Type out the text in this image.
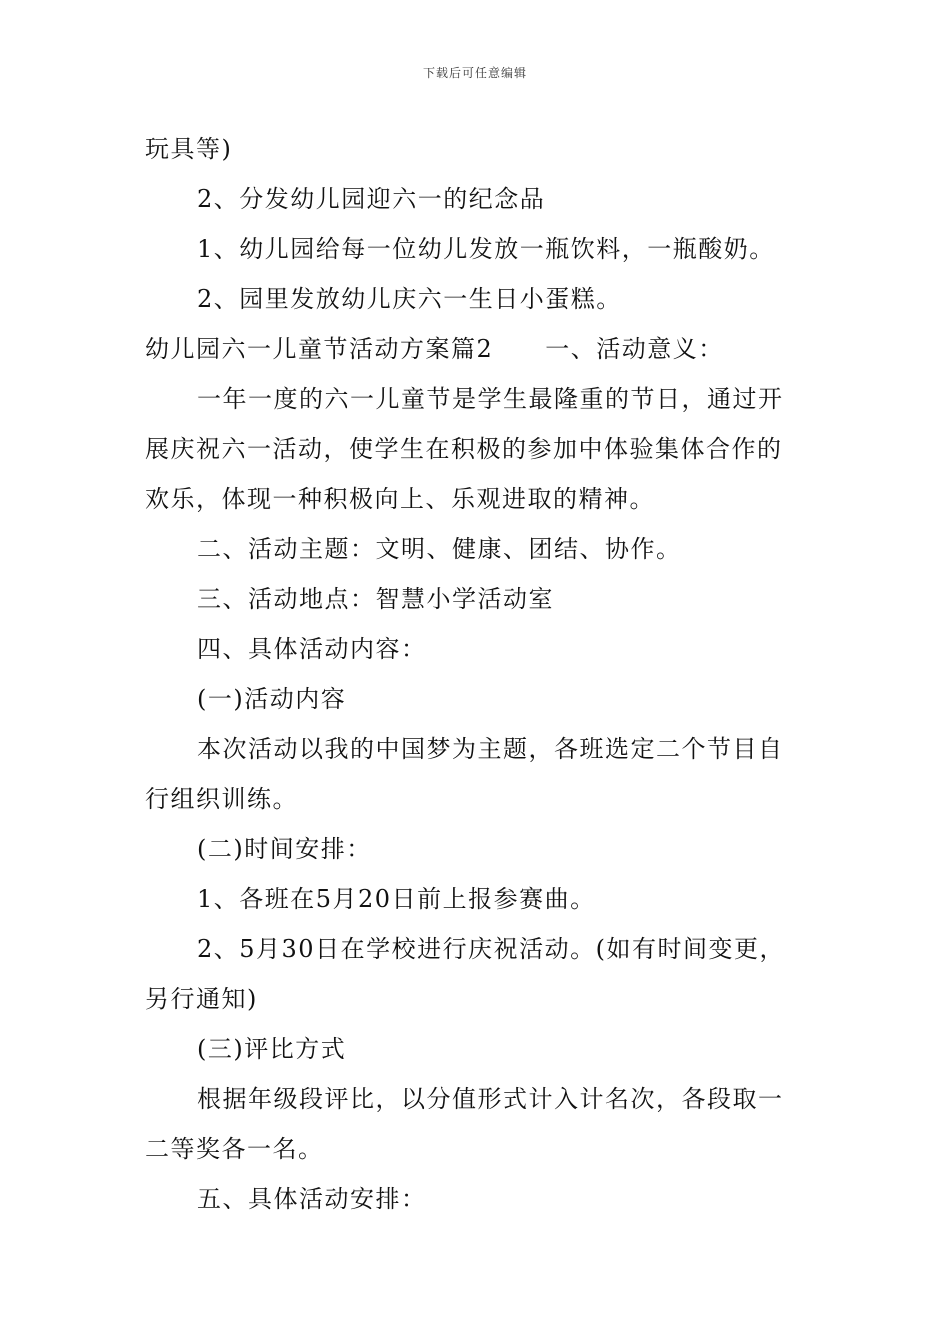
下载后可任意编辑
玩具等)
2、分发幼儿园迎六一的纪念品
1、幼儿园给每一位幼儿发放一瓶饮料，一瓶酸奶。
2、园里发放幼儿庆六一生日小蛋糕。
幼儿园六一儿童节活动方案篇2 一、活动意义：
一年一度的六一儿童节是学生最隆重的节日，通过开
展庆祝六一活动，使学生在积极的参加中体验集体合作的
欢乐，体现一种积极向上、乐观进取的精神。
二、活动主题：文明、健康、团结、协作。
三、活动地点：智慧小学活动室
四、具体活动内容：
(一)活动内容
本次活动以我的中国梦为主题，各班选定二个节目自
行组织训练。
(二)时间安排：
1、各班在5月20日前上报参赛曲。
2、5月30日在学校进行庆祝活动。(如有时间变更，
另行通知)
(三)评比方式
根据年级段评比，以分值形式计入计名次，各段取一
二等奖各一名。
五、具体活动安排：
